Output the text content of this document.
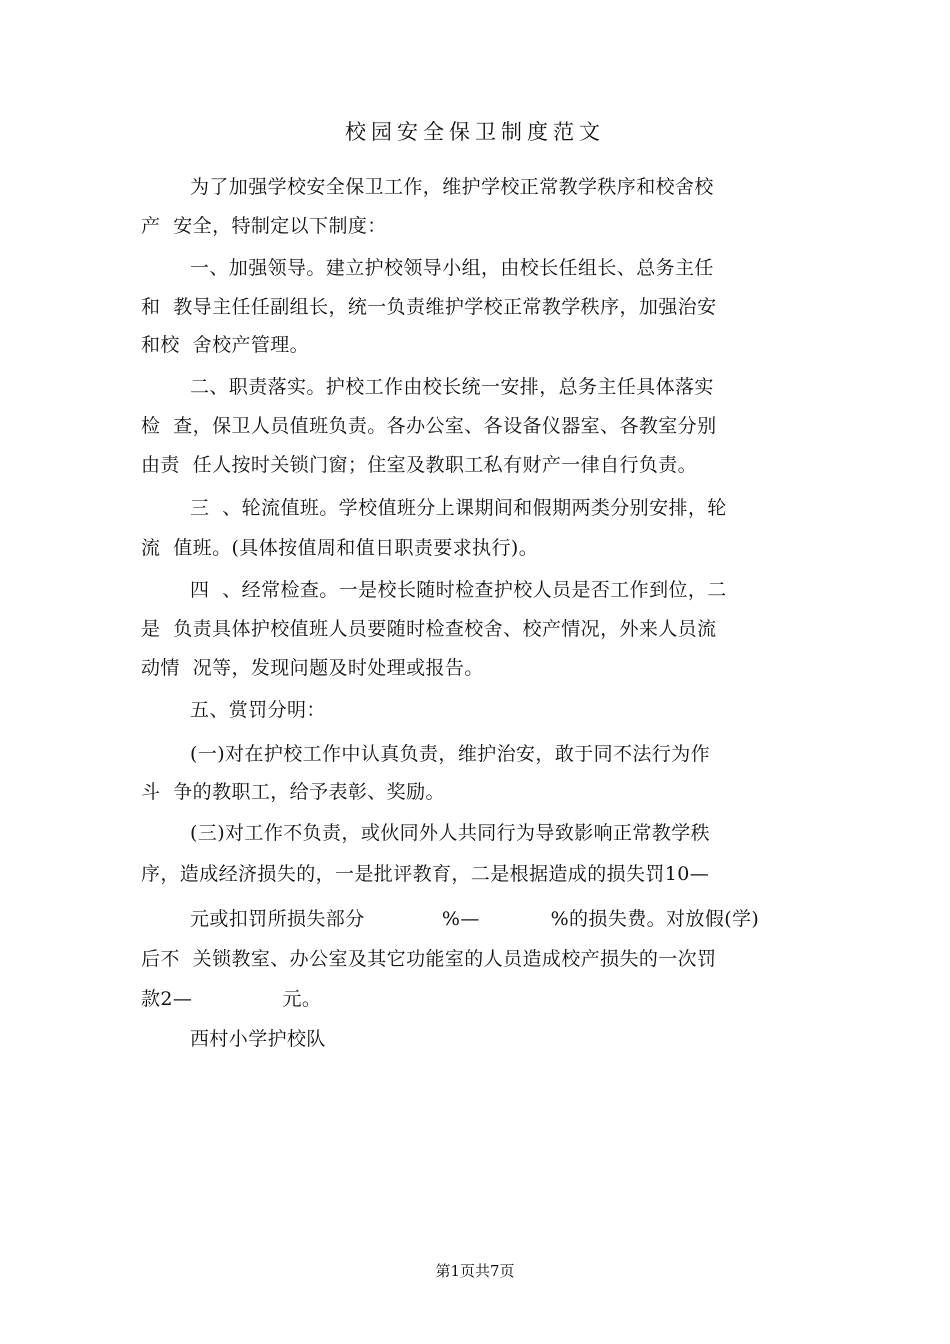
校园安全保卫制度范文
为了加强学校安全保卫工作，维护学校正常教学秩序和校舍校
产  安全，特制定以下制度：
一、加强领导。建立护校领导小组，由校长任组长、总务主任
和  教导主任任副组长，统一负责维护学校正常教学秩序，加强治安
和校  舍校产管理。
二、职责落实。护校工作由校长统一安排，总务主任具体落实
检  查，保卫人员值班负责。各办公室、各设备仪器室、各教室分别
由责  任人按时关锁门窗；住室及教职工私有财产一律自行负责。
三  、轮流值班。学校值班分上课期间和假期两类分别安排，轮
流  值班。(具体按值周和值日职责要求执行)。
四  、经常检查。一是校长随时检查护校人员是否工作到位，二
是  负责具体护校值班人员要随时检查校舍、校产情况，外来人员流
动情  况等，发现问题及时处理或报告。
五、赏罚分明：
(一)对在护校工作中认真负责，维护治安，敢于同不法行为作
斗  争的教职工，给予表彰、奖励。
(三)对工作不负责，或伙同外人共同行为导致影响正常教学秩
序，造成经济损失的，一是批评教育，二是根据造成的损失罚10—
元或扣罚所损失部分            %—           %的损失费。对放假(学)
后不  关锁教室、办公室及其它功能室的人员造成校产损失的一次罚
款2—              元。
西村小学护校队
第1页共7页
